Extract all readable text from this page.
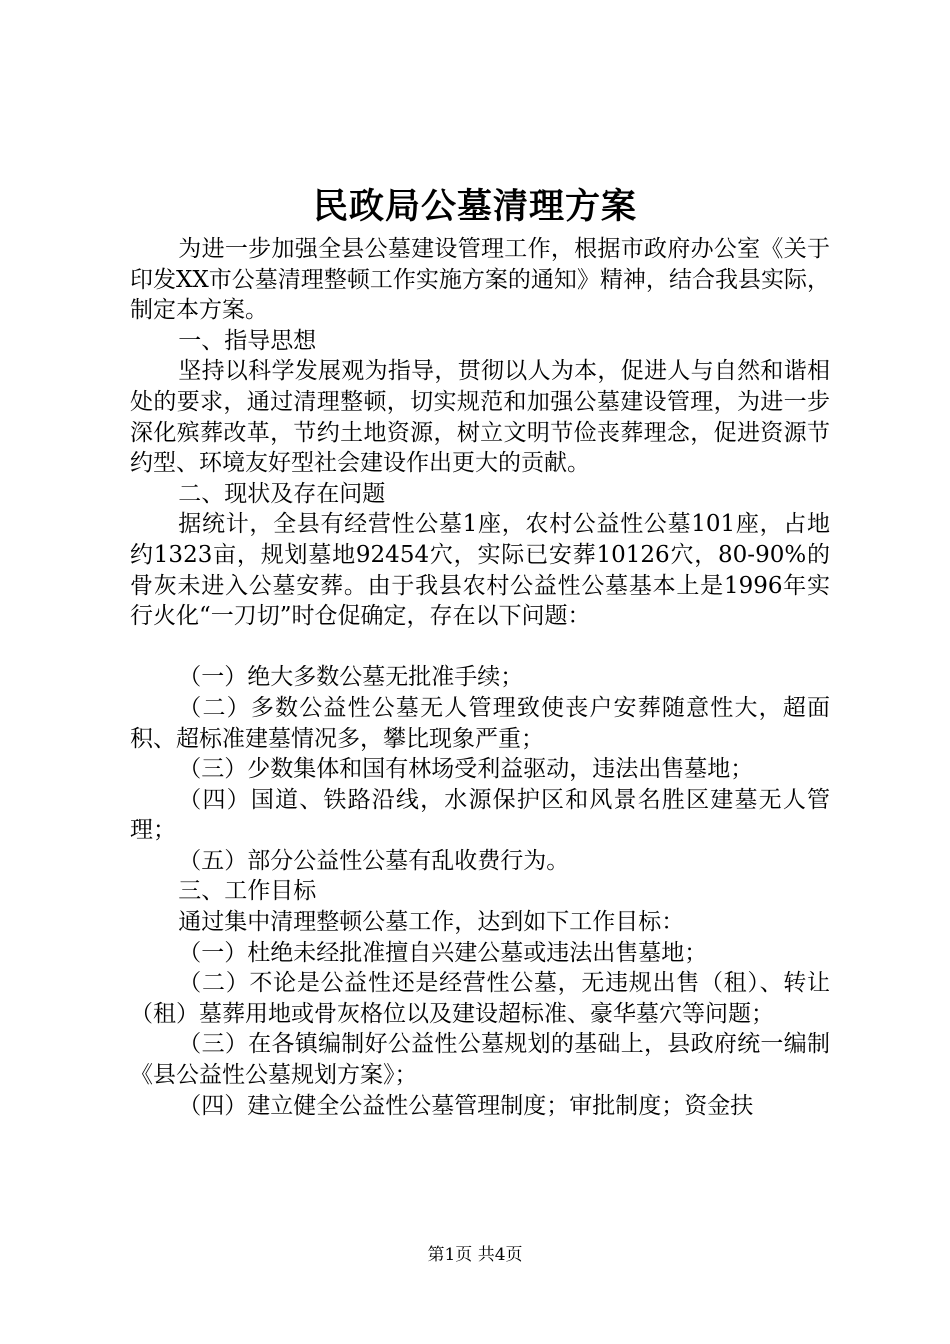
民政局公墓清理方案

为进一步加强全县公墓建设管理工作，根据市政府办公室《关于印发XX市公墓清理整顿工作实施方案的通知》精神，结合我县实际，制定本方案。

一、指导思想

坚持以科学发展观为指导，贯彻以人为本，促进人与自然和谐相处的要求，通过清理整顿，切实规范和加强公墓建设管理，为进一步深化殡葬改革，节约土地资源，树立文明节俭丧葬理念，促进资源节约型、环境友好型社会建设作出更大的贡献。

二、现状及存在问题

据统计，全县有经营性公墓1座，农村公益性公墓101座，占地约1323亩，规划墓地92454穴，实际已安葬10126穴，80-90%的骨灰未进入公墓安葬。由于我县农村公益性公墓基本上是1996年实行火化“一刀切”时仓促确定，存在以下问题：

（一）绝大多数公墓无批准手续；

（二）多数公益性公墓无人管理致使丧户安葬随意性大，超面积、超标准建墓情况多，攀比现象严重；

（三）少数集体和国有林场受利益驱动，违法出售墓地；

（四）国道、铁路沿线，水源保护区和风景名胜区建墓无人管理；

（五）部分公益性公墓有乱收费行为。

三、工作目标

通过集中清理整顿公墓工作，达到如下工作目标：

（一）杜绝未经批准擅自兴建公墓或违法出售墓地；

（二）不论是公益性还是经营性公墓，无违规出售（租）、转让（租）墓葬用地或骨灰格位以及建设超标准、豪华墓穴等问题；

（三）在各镇编制好公益性公墓规划的基础上，县政府统一编制《县公益性公墓规划方案》；

（四）建立健全公益性公墓管理制度；审批制度；资金扶

第1页 共4页
